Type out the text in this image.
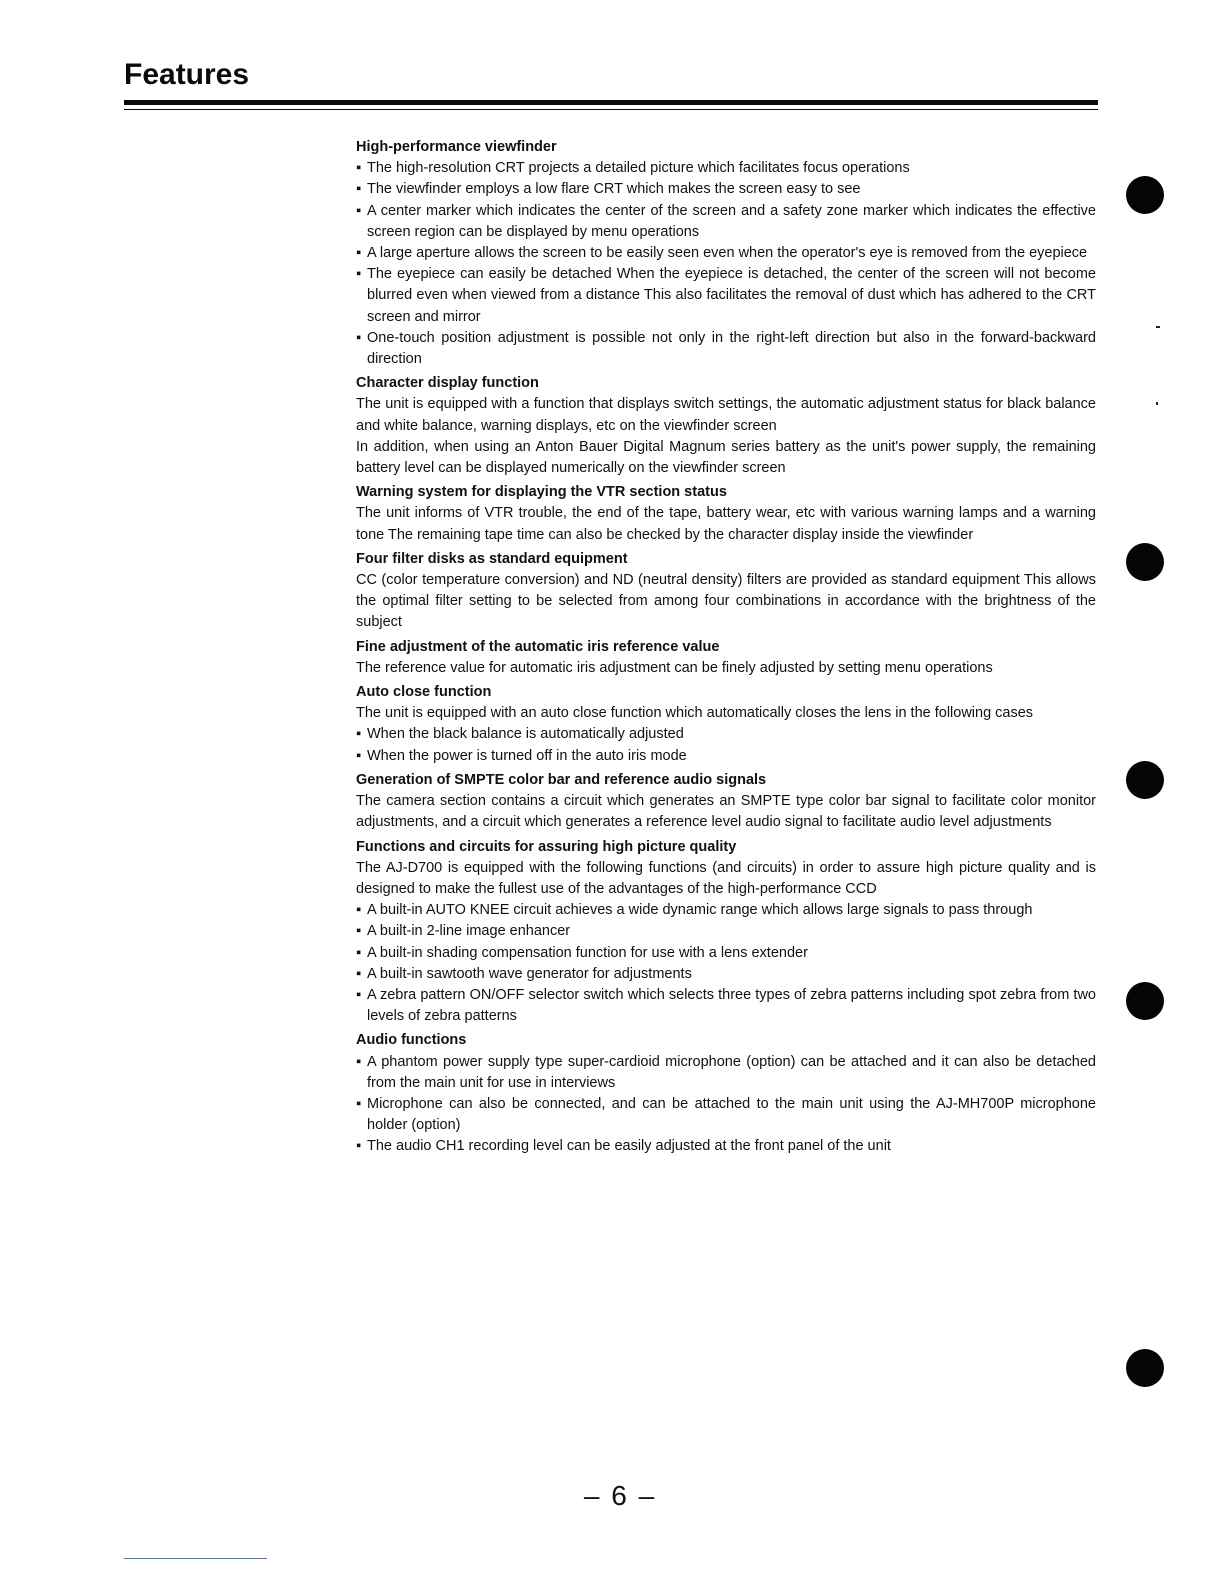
Features
High-performance viewfinder
▪ The high-resolution CRT projects a detailed picture which facilitates focus operations
▪ The viewfinder employs a low flare CRT which makes the screen easy to see
▪ A center marker which indicates the center of the screen and a safety zone marker which indicates the effective screen region can be displayed by menu operations
▪ A large aperture allows the screen to be easily seen even when the operator's eye is removed from the eyepiece
▪ The eyepiece can easily be detached When the eyepiece is detached, the center of the screen will not become blurred even when viewed from a distance This also facilitates the removal of dust which has adhered to the CRT screen and mirror
▪ One-touch position adjustment is possible not only in the right-left direction but also in the forward-backward direction
Character display function

The unit is equipped with a function that displays switch settings, the automatic adjustment status for black balance and white balance, warning displays, etc on the viewfinder screen

In addition, when using an Anton Bauer Digital Magnum series battery as the unit's power supply, the remaining battery level can be displayed numerically on the viewfinder screen

Warning system for displaying the VTR section status

The unit informs of VTR trouble, the end of the tape, battery wear, etc with various warning lamps and a warning tone The remaining tape time can also be checked by the character display inside the viewfinder

Four filter disks as standard equipment

CC (color temperature conversion) and ND (neutral density) filters are provided as standard equipment This allows the optimal filter setting to be selected from among four combinations in accordance with the brightness of the subject

Fine adjustment of the automatic iris reference value

The reference value for automatic iris adjustment can be finely adjusted by setting menu operations

Auto close function

The unit is equipped with an auto close function which automatically closes the lens in the following cases

▪ When the black balance is automatically adjusted
▪ When the power is turned off in the auto iris mode
Generation of SMPTE color bar and reference audio signals

The camera section contains a circuit which generates an SMPTE type color bar signal to facilitate color monitor adjustments, and a circuit which generates a reference level audio signal to facilitate audio level adjustments

Functions and circuits for assuring high picture quality

The AJ-D700 is equipped with the following functions (and circuits) in order to assure high picture quality and is designed to make the fullest use of the advantages of the high-performance CCD

▪ A built-in AUTO KNEE circuit achieves a wide dynamic range which allows large signals to pass through
▪ A built-in 2-line image enhancer
▪ A built-in shading compensation function for use with a lens extender
▪ A built-in sawtooth wave generator for adjustments
▪ A zebra pattern ON/OFF selector switch which selects three types of zebra patterns including spot zebra from two levels of zebra patterns
Audio functions
▪ A phantom power supply type super-cardioid microphone (option) can be attached and it can also be detached from the main unit for use in interviews
▪ Microphone can also be connected, and can be attached to the main unit using the AJ-MH700P microphone holder (option)
▪ The audio CH1 recording level can be easily adjusted at the front panel of the unit
– 6 –
